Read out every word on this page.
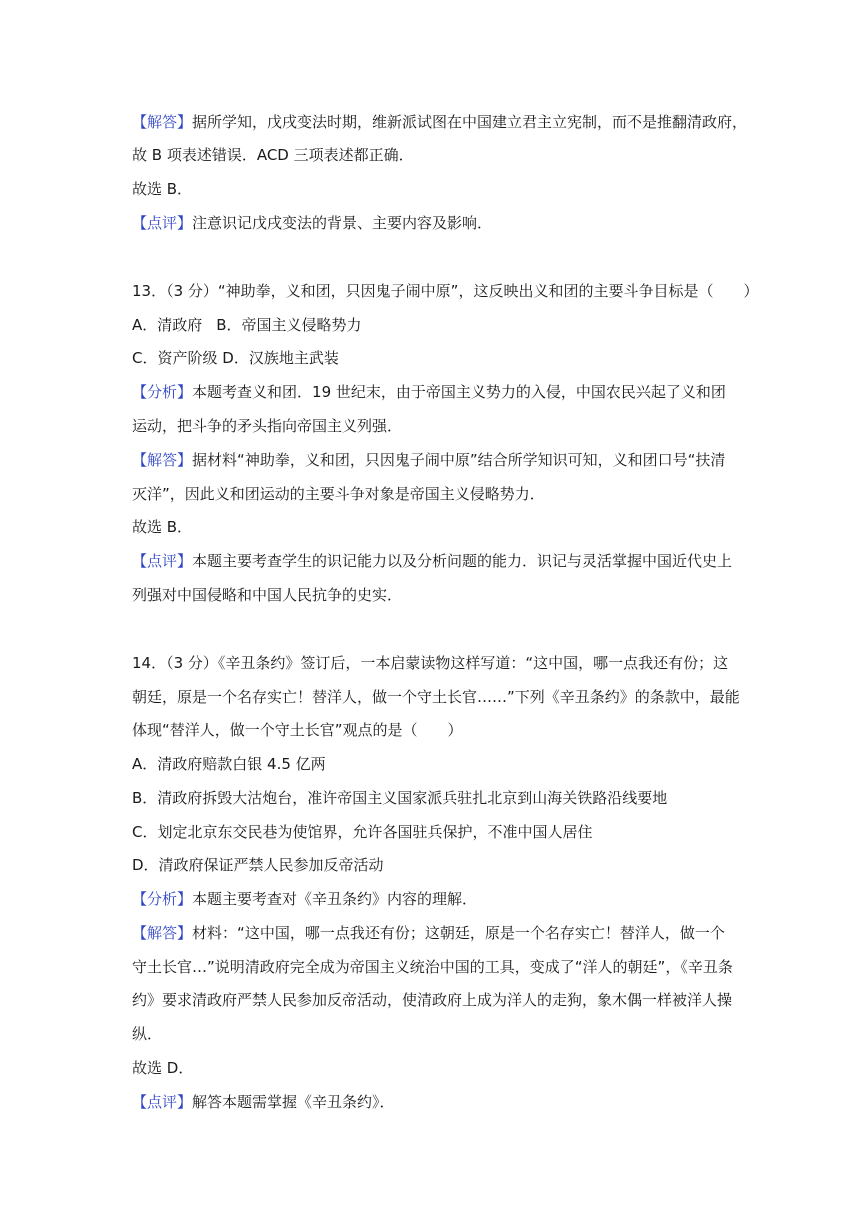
【解答】据所学知，戊戌变法时期，维新派试图在中国建立君主立宪制，而不是推翻清政府，
故 B 项表述错误．ACD 三项表述都正确．
故选 B．
【点评】注意识记戊戌变法的背景、主要内容及影响．
13．（3 分）“神助拳，义和团，只因鬼子闹中原”，这反映出义和团的主要斗争目标是（　　）
A．清政府 B．帝国主义侵略势力
C．资产阶级 D．汉族地主武装
【分析】本题考查义和团．19 世纪末，由于帝国主义势力的入侵，中国农民兴起了义和团
运动，把斗争的矛头指向帝国主义列强．
【解答】据材料“神助拳，义和团，只因鬼子闹中原”结合所学知识可知，义和团口号“扶清
灭洋”，因此义和团运动的主要斗争对象是帝国主义侵略势力．
故选 B．
【点评】本题主要考查学生的识记能力以及分析问题的能力．识记与灵活掌握中国近代史上
列强对中国侵略和中国人民抗争的史实．
14．（3 分）《辛丑条约》签订后，一本启蒙读物这样写道：“这中国，哪一点我还有份；这
朝廷，原是一个名存实亡！替洋人，做一个守土长官……”下列《辛丑条约》的条款中，最能
体现“替洋人，做一个守土长官”观点的是（　　）
A．清政府赔款白银 4.5 亿两
B．清政府拆毁大沽炮台，准许帝国主义国家派兵驻扎北京到山海关铁路沿线要地
C．划定北京东交民巷为使馆界，允许各国驻兵保护，不准中国人居住
D．清政府保证严禁人民参加反帝活动
【分析】本题主要考查对《辛丑条约》内容的理解．
【解答】材料：“这中国，哪一点我还有份；这朝廷，原是一个名存实亡！替洋人，做一个
守土长官…”说明清政府完全成为帝国主义统治中国的工具，变成了“洋人的朝廷”，《辛丑条
约》要求清政府严禁人民参加反帝活动，使清政府上成为洋人的走狗，象木偶一样被洋人操
纵．
故选 D．
【点评】解答本题需掌握《辛丑条约》．
